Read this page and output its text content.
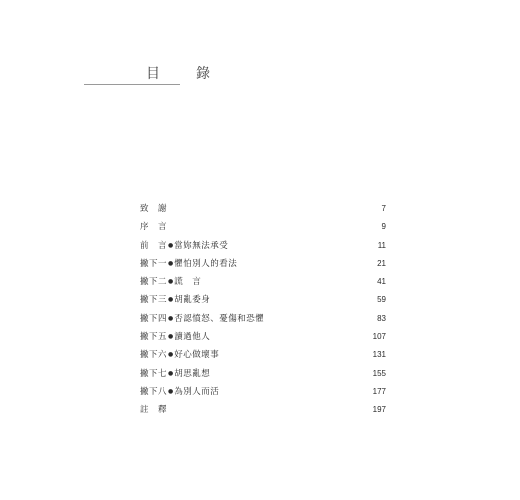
目　錄
致　謝	7
序　言	9
前　言●當妳無法承受	11
撇下一●懼怕別人的看法	21
撇下二●謊　言	41
撇下三●胡亂委身	59
撇下四●否認憤怒、憂傷和恐懼	83
撇下五●讀過他人	107
撇下六●好心做壞事	131
撇下七●胡思亂想	155
撇下八●為別人而活	177
註　釋	197
